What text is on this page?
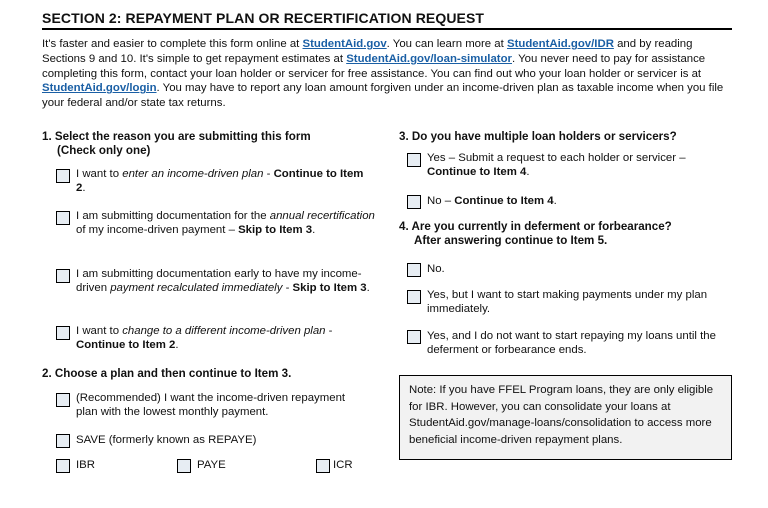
SECTION 2: REPAYMENT PLAN OR RECERTIFICATION REQUEST
It's faster and easier to complete this form online at StudentAid.gov. You can learn more at StudentAid.gov/IDR and by reading Sections 9 and 10. It's simple to get repayment estimates at StudentAid.gov/loan-simulator. You never need to pay for assistance completing this form, contact your loan holder or servicer for free assistance. You can find out who your loan holder or servicer is at StudentAid.gov/login. You may have to report any loan amount forgiven under an income-driven plan as taxable income when you file your federal and/or state tax returns.
1. Select the reason you are submitting this form
(Check only one)
I want to enter an income-driven plan - Continue to Item 2.
I am submitting documentation for the annual recertification of my income-driven payment – Skip to Item 3.
I am submitting documentation early to have my income-driven payment recalculated immediately - Skip to Item 3.
I want to change to a different income-driven plan - Continue to Item 2.
2. Choose a plan and then continue to Item 3.
(Recommended) I want the income-driven repayment plan with the lowest monthly payment.
SAVE (formerly known as REPAYE)
IBR	PAYE	ICR
3. Do you have multiple loan holders or servicers?
Yes – Submit a request to each holder or servicer – Continue to Item 4.
No – Continue to Item 4.
4. Are you currently in deferment or forbearance?
After answering continue to Item 5.
No.
Yes, but I want to start making payments under my plan immediately.
Yes, and I do not want to start repaying my loans until the deferment or forbearance ends.
Note: If you have FFEL Program loans, they are only eligible for IBR. However, you can consolidate your loans at StudentAid.gov/manage-loans/consolidation to access more beneficial income-driven repayment plans.
